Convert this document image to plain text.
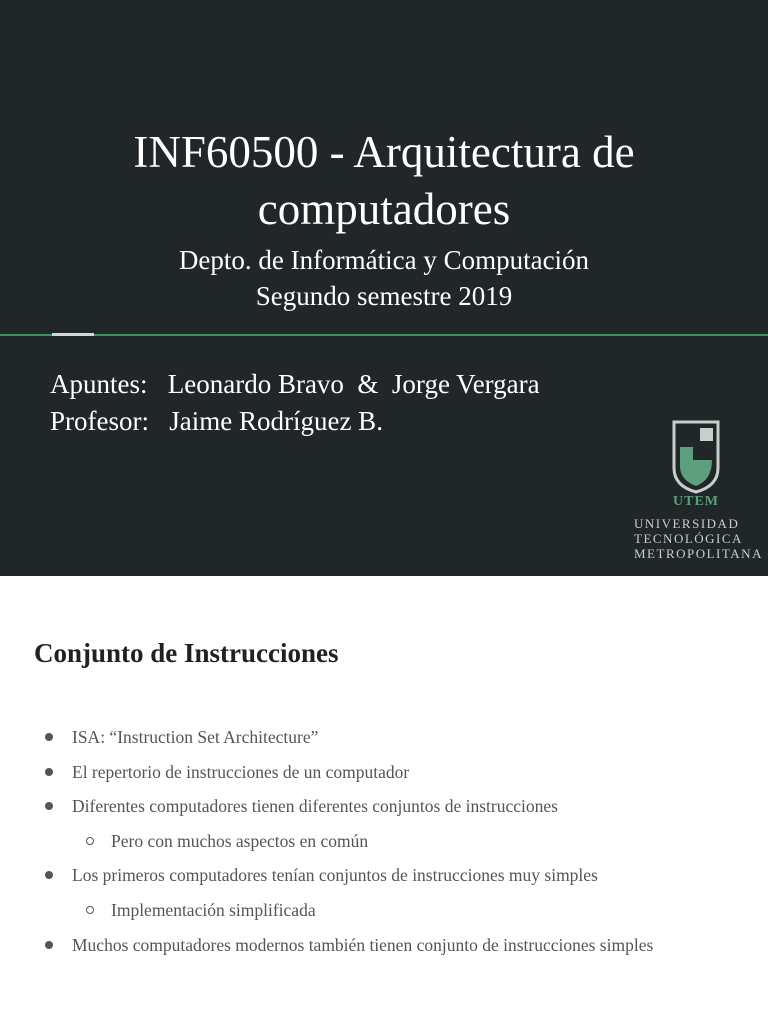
INF60500 - Arquitectura de
computadores
Depto. de Informática y Computación
Segundo semestre 2019
Apuntes:   Leonardo Bravo  &  Jorge Vergara
Profesor:   Jaime Rodríguez B.
UTEM
UNIVERSIDAD
TECNOLÓGICA
METROPOLITANA
Conjunto de Instrucciones
ISA: “Instruction Set Architecture”
El repertorio de instrucciones de un computador
Diferentes computadores tienen diferentes conjuntos de instrucciones
Pero con muchos aspectos en común
Los primeros computadores tenían conjuntos de instrucciones muy simples
Implementación simplificada
Muchos computadores modernos también tienen conjunto de instrucciones simples
